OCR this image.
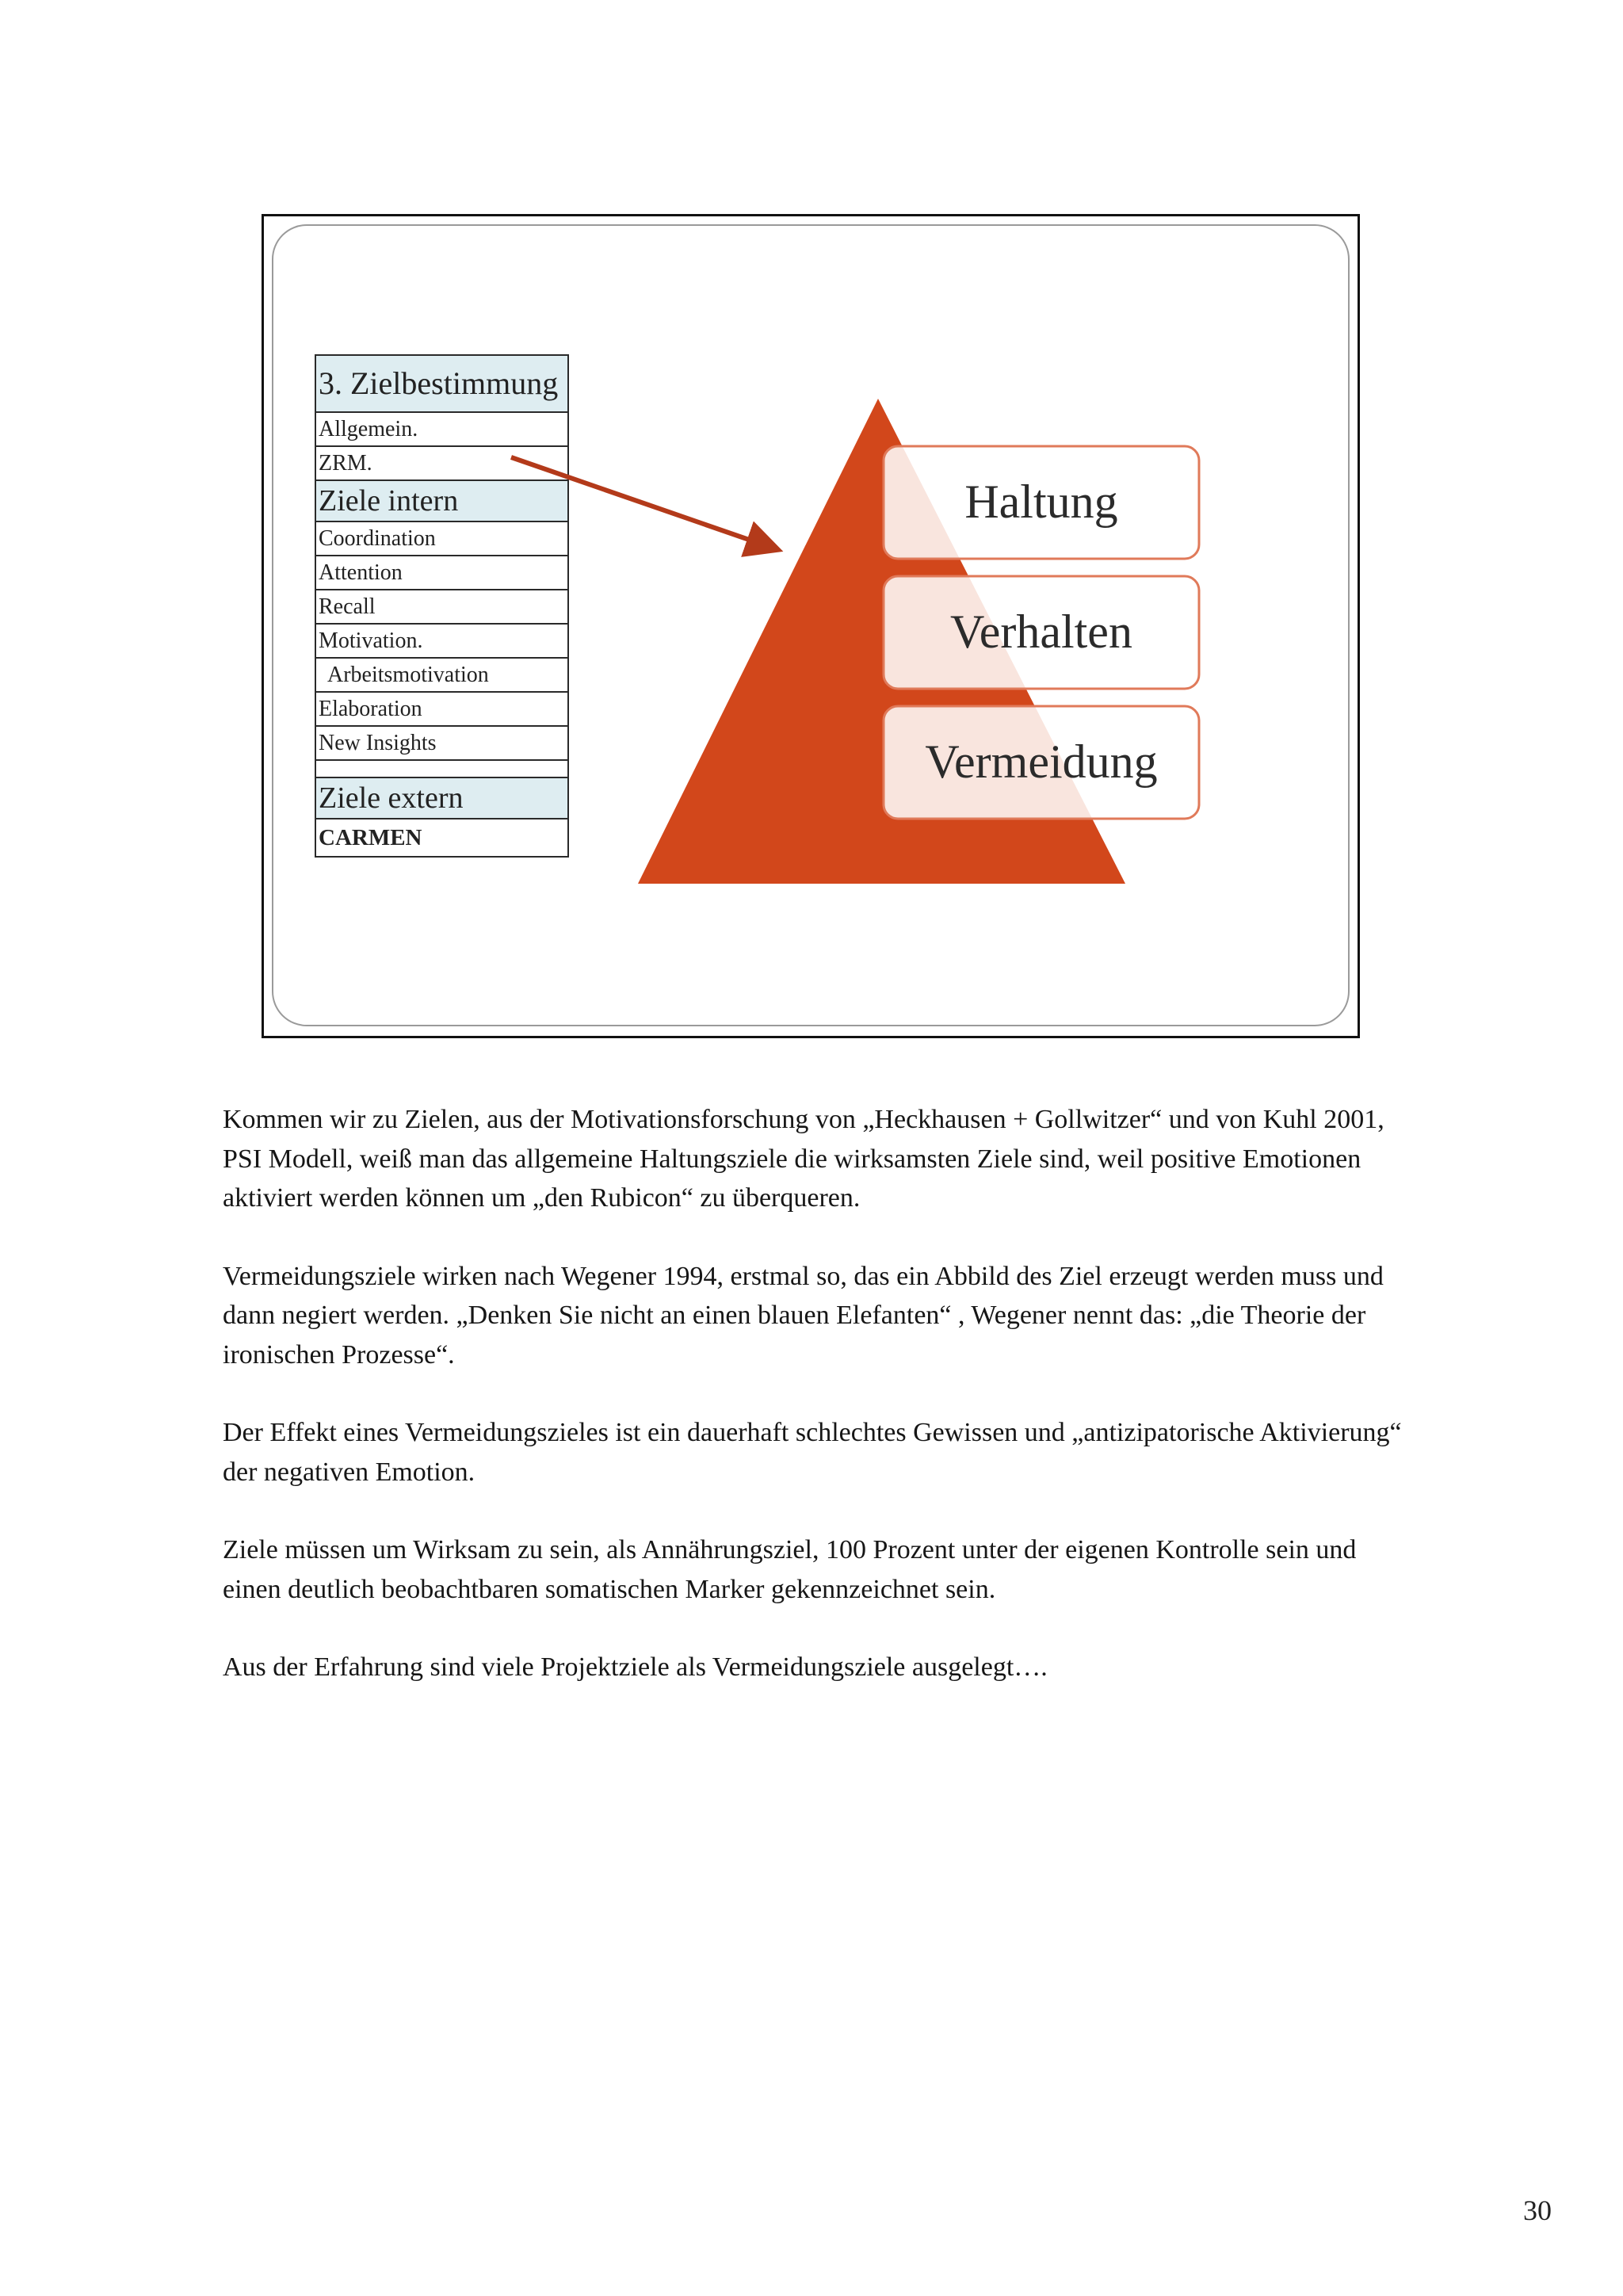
3. Zielbestimmung
Allgemein.
ZRM.
Ziele intern
Coordination
Attention
Recall
Motivation.
Arbeitsmotivation
Elaboration
New Insights

Ziele extern
CARMEN
Haltung
Verhalten
Vermeidung

Kommen wir zu Zielen, aus der Motivationsforschung von „Heckhausen + Gollwitzer“ und von Kuhl 2001, PSI Modell, weiß man das allgemeine Haltungsziele die wirksamsten Ziele sind, weil positive Emotionen aktiviert werden können um „den Rubicon“ zu überqueren.

Vermeidungsziele wirken nach Wegener 1994, erstmal so, das ein Abbild des Ziel erzeugt werden muss und dann negiert werden. „Denken Sie nicht an einen blauen Elefanten“ , Wegener nennt das: „die Theorie der ironischen Prozesse“.

Der Effekt eines Vermeidungszieles ist ein dauerhaft schlechtes Gewissen und „antizipatorische Aktivierung“ der negativen Emotion.

Ziele müssen um Wirksam zu sein, als Annährungsziel, 100 Prozent unter der eigenen Kontrolle sein und einen deutlich beobachtbaren somatischen Marker gekennzeichnet sein.

Aus der Erfahrung sind viele Projektziele als Vermeidungsziele ausgelegt….

30
